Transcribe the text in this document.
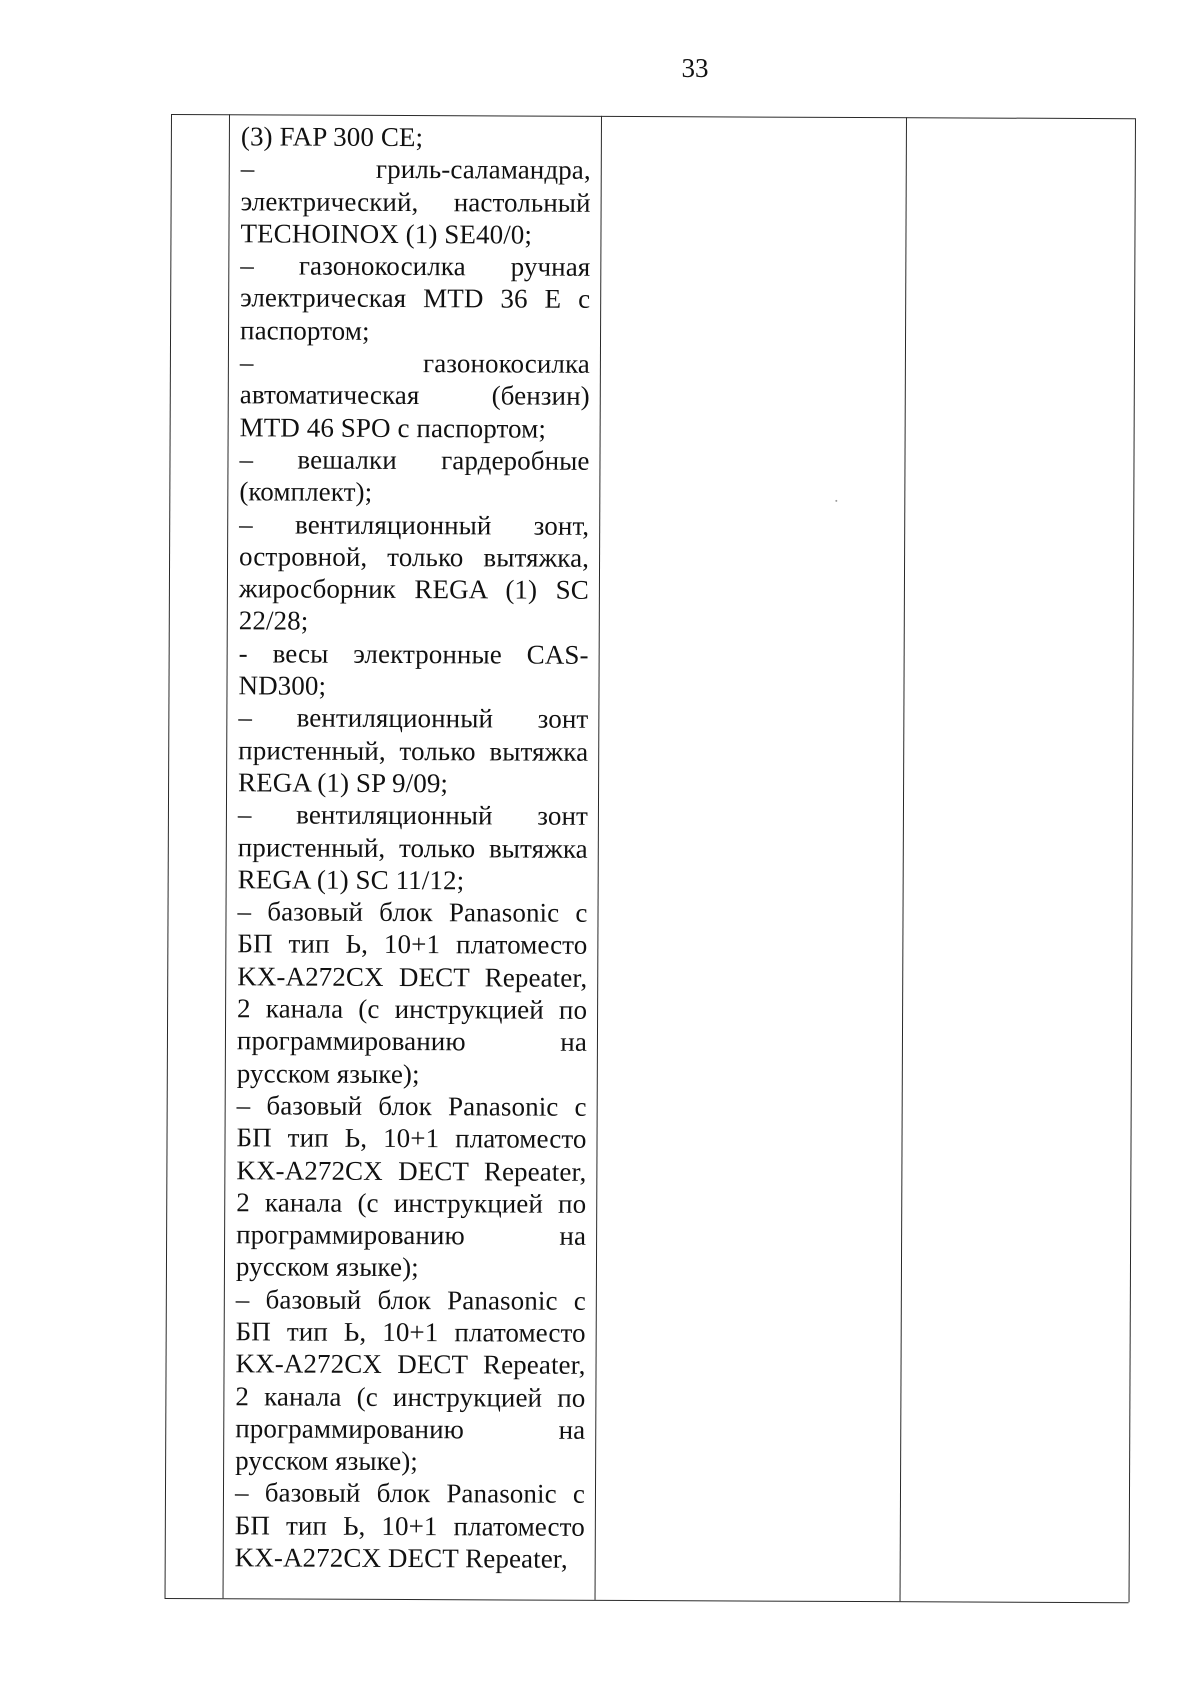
33

(3) FAP 300 CE;

– гриль-саламандра, электрический, настольный TECHOINOX (1) SE40/0;

– газонокосилка ручная электрическая MTD 36 E с паспортом;

– газонокосилка автоматическая (бензин) MTD 46 SPO с паспортом;

– вешалки гардеробные (комплект);

– вентиляционный зонт, островной, только вытяжка, жиросборник REGA (1) SC 22/28;

- весы электронные CAS-ND300;

– вентиляционный зонт пристенный, только вытяжка REGA (1) SP 9/09;

– вентиляционный зонт пристенный, только вытяжка REGA (1) SC 11/12;

– базовый блок Panasonic с БП тип Ь, 10+1 платоместо KX-A272CX DECT Repeater, 2 канала (с инструкцией по программированию на русском языке);

– базовый блок Panasonic с БП тип Ь, 10+1 платоместо KX-A272CX DECT Repeater, 2 канала (с инструкцией по программированию на русском языке);

– базовый блок Panasonic с БП тип Ь, 10+1 платоместо KX-A272CX DECT Repeater, 2 канала (с инструкцией по программированию на русском языке);

– базовый блок Panasonic с БП тип Ь, 10+1 платоместо KX-A272CX DECT Repeater,
